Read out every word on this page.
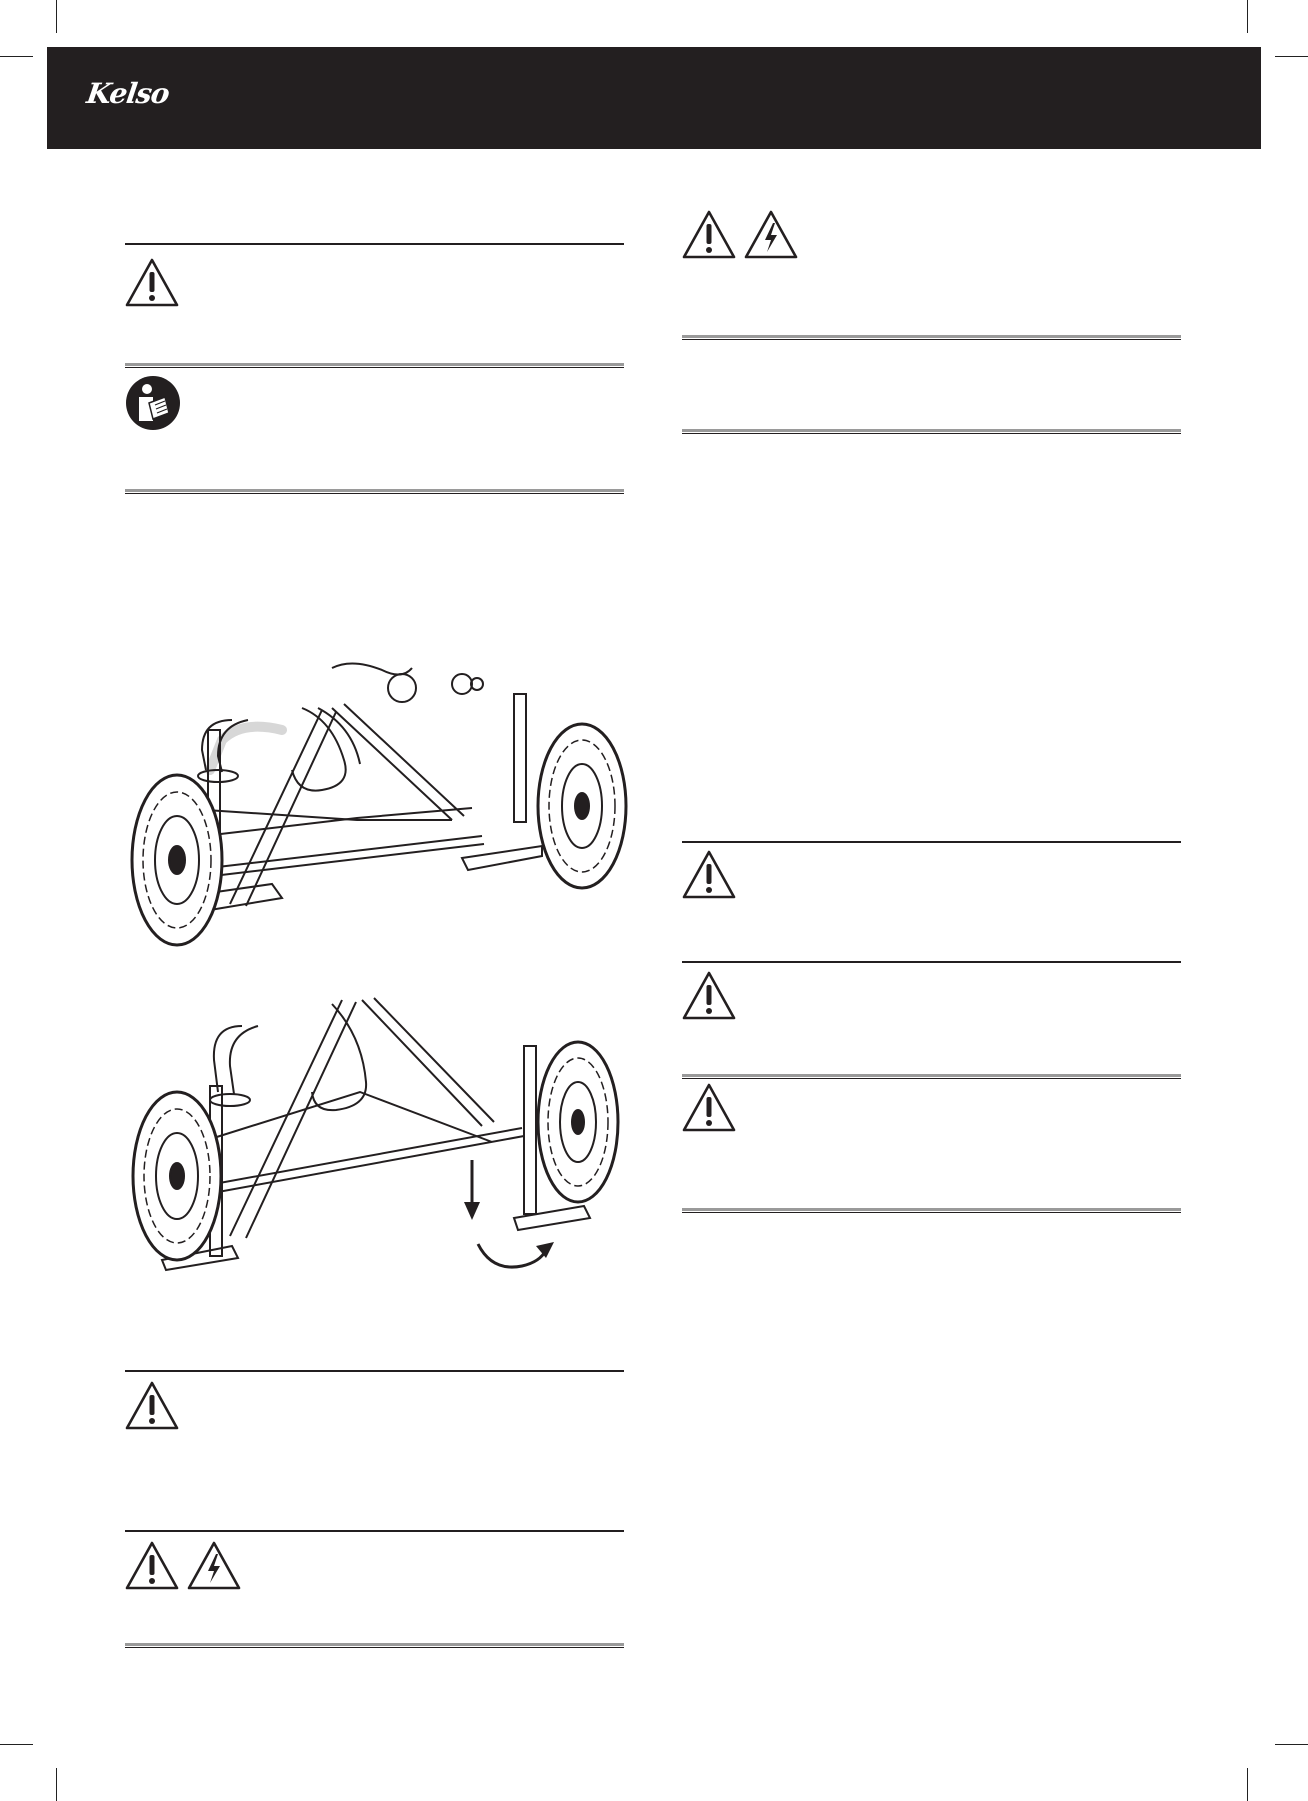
Kelso
